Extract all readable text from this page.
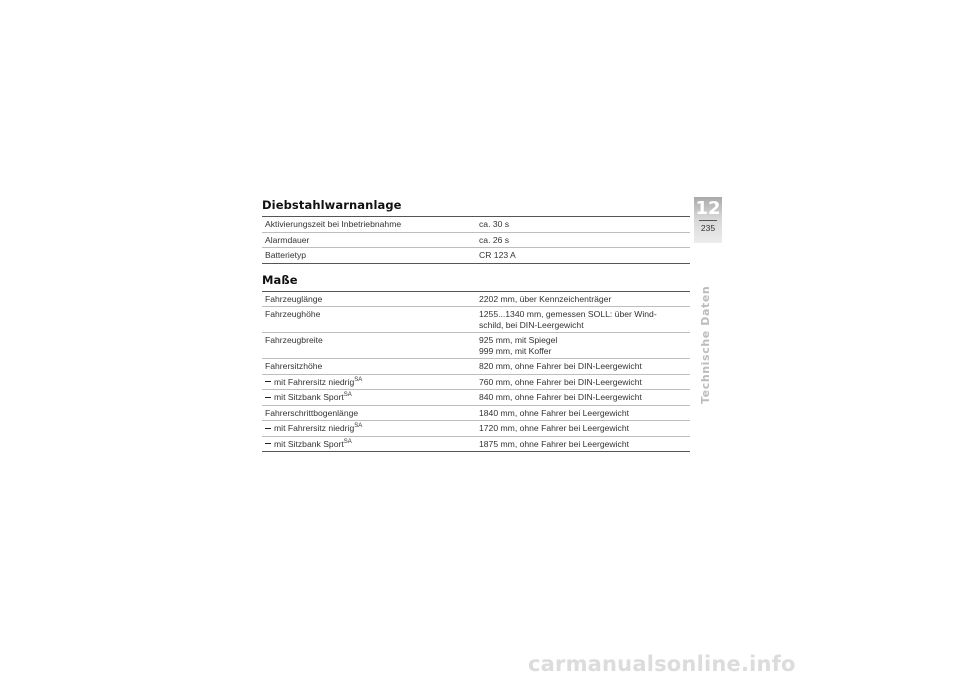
Diebstahlwarnanlage
Aktivierungszeit bei Inbetriebnahme	ca. 30 s
Alarmdauer	ca. 26 s
Batterietyp	CR 123 A
Maße
Fahrzeuglänge	2202 mm, über Kennzeichenträger
Fahrzeughöhe	1255...1340 mm, gemessen SOLL: über Wind-
schild, bei DIN-Leergewicht
Fahrzeugbreite	925 mm, mit Spiegel
999 mm, mit Koffer
Fahrersitzhöhe	820 mm, ohne Fahrer bei DIN-Leergewicht
mit Fahrersitz niedrig$^{SA}$	760 mm, ohne Fahrer bei DIN-Leergewicht
mit Sitzbank Sport$^{SA}$	840 mm, ohne Fahrer bei DIN-Leergewicht
Fahrerschrittbogenlänge	1840 mm, ohne Fahrer bei Leergewicht
mit Fahrersitz niedrig$^{SA}$	1720 mm, ohne Fahrer bei Leergewicht
mit Sitzbank Sport$^{SA}$	1875 mm, ohne Fahrer bei Leergewicht
12
235
Technische Daten
carmanualsonline.info
